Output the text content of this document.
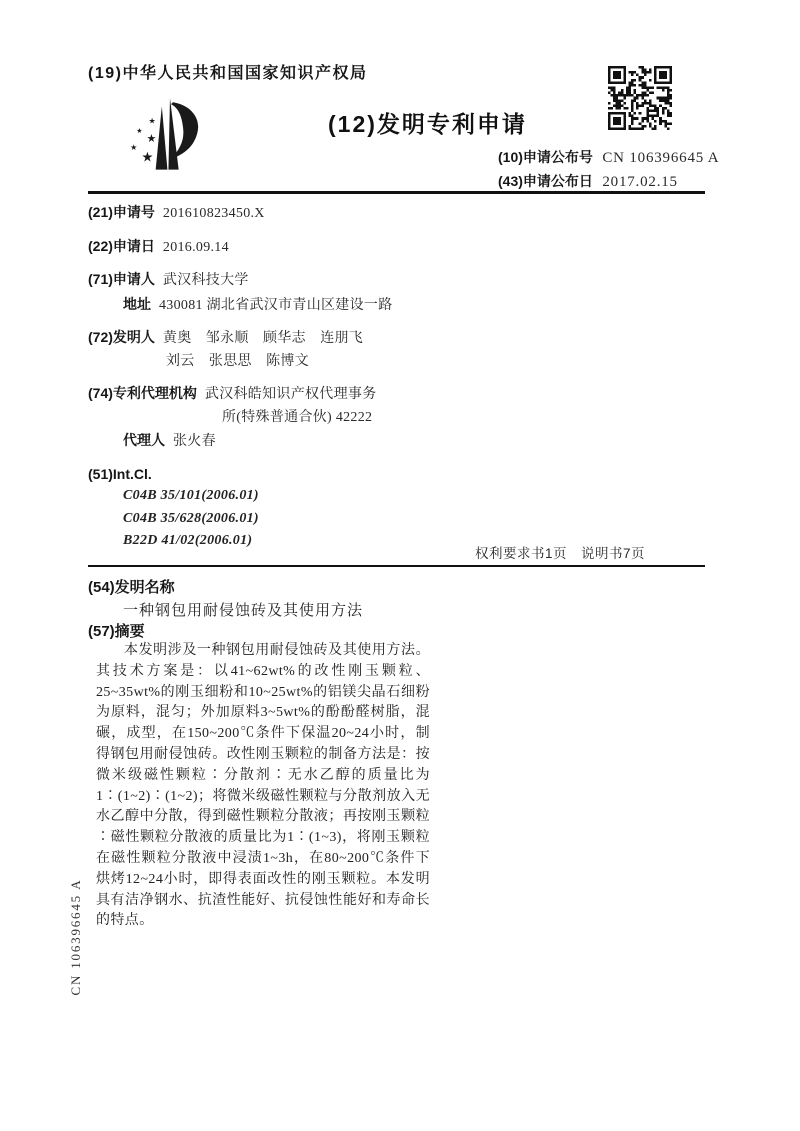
(19)中华人民共和国国家知识产权局
★
★
★
★
★
(12)发明专利申请
(10)申请公布号 CN 106396645 A
(43)申请公布日 2017.02.15
(21)申请号 201610823450.X
(22)申请日 2016.09.14
(71)申请人 武汉科技大学
地址 430081 湖北省武汉市青山区建设一路
(72)发明人 黄奥　邹永顺　顾华志　连朋飞
刘云　张思思　陈博文
(74)专利代理机构 武汉科皓知识产权代理事务
所(特殊普通合伙) 42222
代理人 张火春
(51)Int.Cl.
C04B 35/101(2006.01)
C04B 35/628(2006.01)
B22D 41/02(2006.01)
权利要求书1页　说明书7页
(54)发明名称
一种钢包用耐侵蚀砖及其使用方法
(57)摘要
本发明涉及一种钢包用耐侵蚀砖及其使用方法。其技术方案是：以41~62wt%的改性刚玉颗粒、25~35wt%的刚玉细粉和10~25wt%的铝镁尖晶石细粉为原料，混匀；外加原料3~5wt%的酚酚醛树脂，混碾，成型，在150~200℃条件下保温20~24小时，制得钢包用耐侵蚀砖。改性刚玉颗粒的制备方法是：按微米级磁性颗粒∶分散剂∶无水乙醇的质量比为1∶(1~2)∶(1~2)；将微米级磁性颗粒与分散剂放入无水乙醇中分散，得到磁性颗粒分散液；再按刚玉颗粒∶磁性颗粒分散液的质量比为1∶(1~3)，将刚玉颗粒在磁性颗粒分散液中浸渍1~3h，在80~200℃条件下烘烤12~24小时，即得表面改性的刚玉颗粒。本发明具有洁净钢水、抗渣性能好、抗侵蚀性能好和寿命长的特点。
CN 106396645 A
